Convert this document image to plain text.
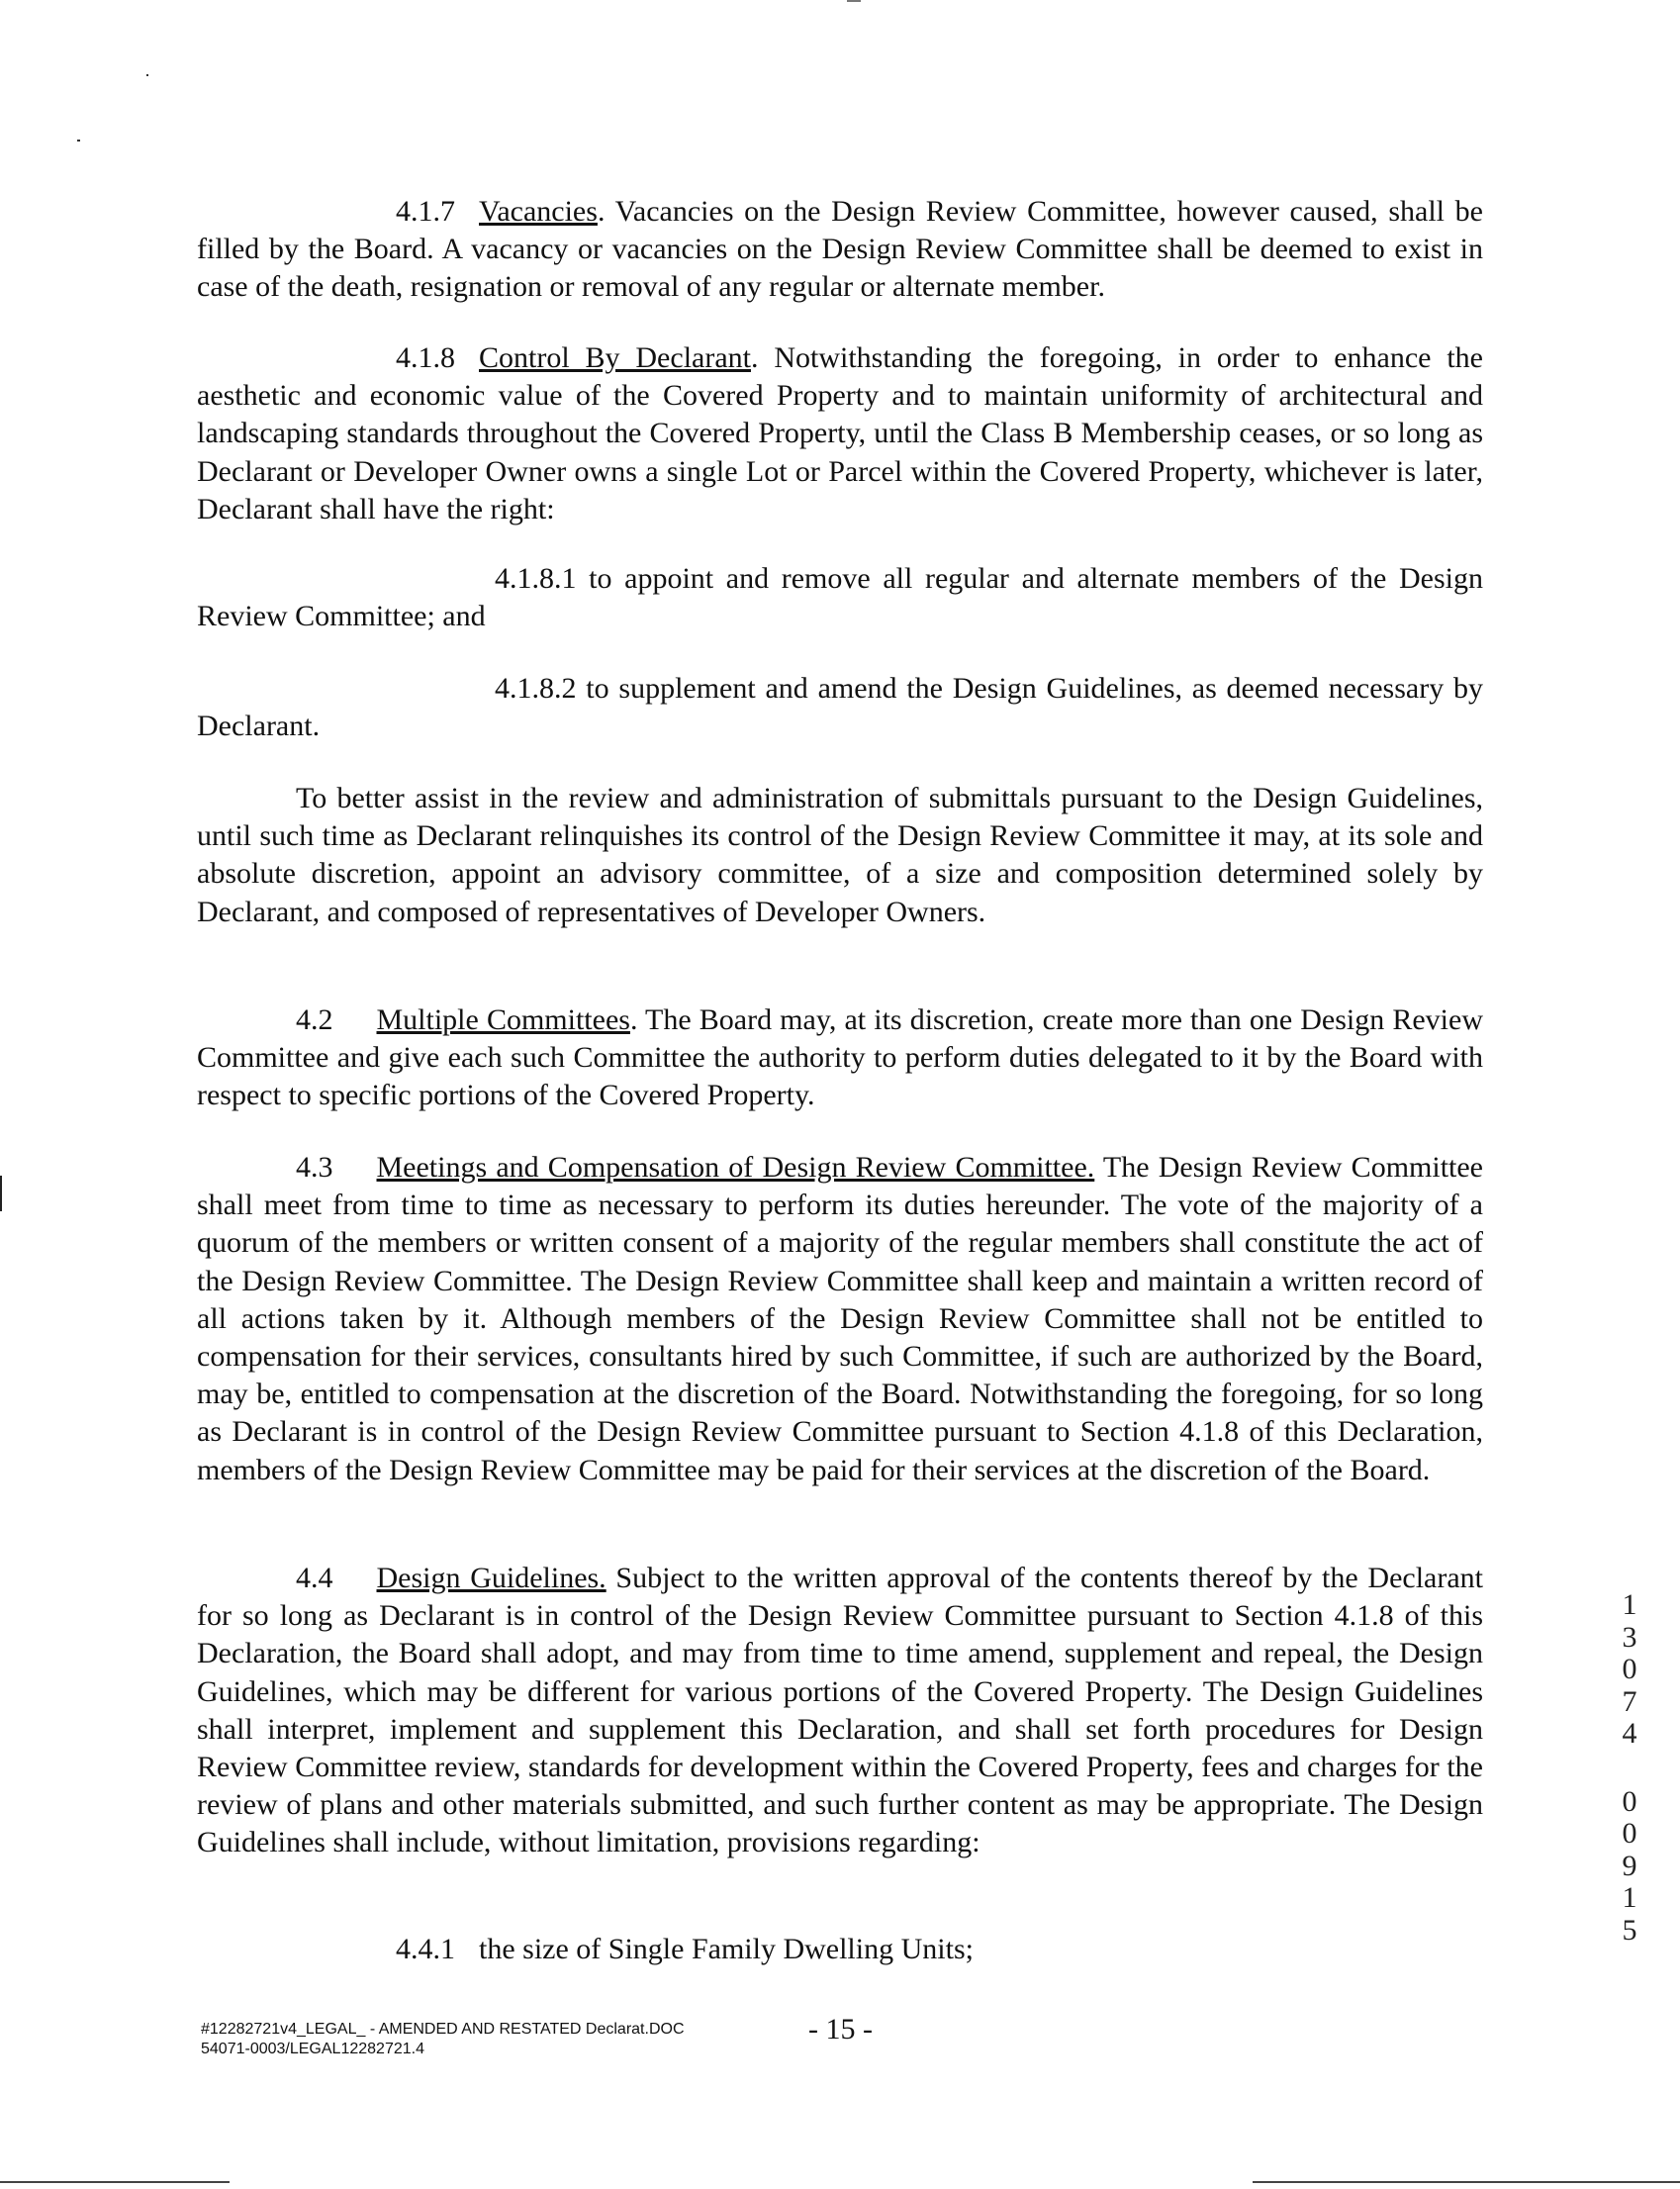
4.1.7 Vacancies. Vacancies on the Design Review Committee, however caused, shall be filled by the Board. A vacancy or vacancies on the Design Review Committee shall be deemed to exist in case of the death, resignation or removal of any regular or alternate member.

4.1.8 Control By Declarant. Notwithstanding the foregoing, in order to enhance the aesthetic and economic value of the Covered Property and to maintain uniformity of architectural and landscaping standards throughout the Covered Property, until the Class B Membership ceases, or so long as Declarant or Developer Owner owns a single Lot or Parcel within the Covered Property, whichever is later, Declarant shall have the right:

4.1.8.1 to appoint and remove all regular and alternate members of the Design Review Committee; and

4.1.8.2 to supplement and amend the Design Guidelines, as deemed necessary by Declarant.

To better assist in the review and administration of submittals pursuant to the Design Guidelines, until such time as Declarant relinquishes its control of the Design Review Committee it may, at its sole and absolute discretion, appoint an advisory committee, of a size and composition determined solely by Declarant, and composed of representatives of Developer Owners.

4.2 Multiple Committees. The Board may, at its discretion, create more than one Design Review Committee and give each such Committee the authority to perform duties delegated to it by the Board with respect to specific portions of the Covered Property.

4.3 Meetings and Compensation of Design Review Committee. The Design Review Committee shall meet from time to time as necessary to perform its duties hereunder. The vote of the majority of a quorum of the members or written consent of a majority of the regular members shall constitute the act of the Design Review Committee. The Design Review Committee shall keep and maintain a written record of all actions taken by it. Although members of the Design Review Committee shall not be entitled to compensation for their services, consultants hired by such Committee, if such are authorized by the Board, may be, entitled to compensation at the discretion of the Board. Notwithstanding the foregoing, for so long as Declarant is in control of the Design Review Committee pursuant to Section 4.1.8 of this Declaration, members of the Design Review Committee may be paid for their services at the discretion of the Board.

4.4 Design Guidelines. Subject to the written approval of the contents thereof by the Declarant for so long as Declarant is in control of the Design Review Committee pursuant to Section 4.1.8 of this Declaration, the Board shall adopt, and may from time to time amend, supplement and repeal, the Design Guidelines, which may be different for various portions of the Covered Property. The Design Guidelines shall interpret, implement and supplement this Declaration, and shall set forth procedures for Design Review Committee review, standards for development within the Covered Property, fees and charges for the review of plans and other materials submitted, and such further content as may be appropriate. The Design Guidelines shall include, without limitation, provisions regarding:

4.4.1 the size of Single Family Dwelling Units;

1
3
0
7
4
0
0
9
1
5
#12282721v4_LEGAL_ - AMENDED AND RESTATED Declarat.DOC
54071-0003/LEGAL12282721.4
- 15 -
